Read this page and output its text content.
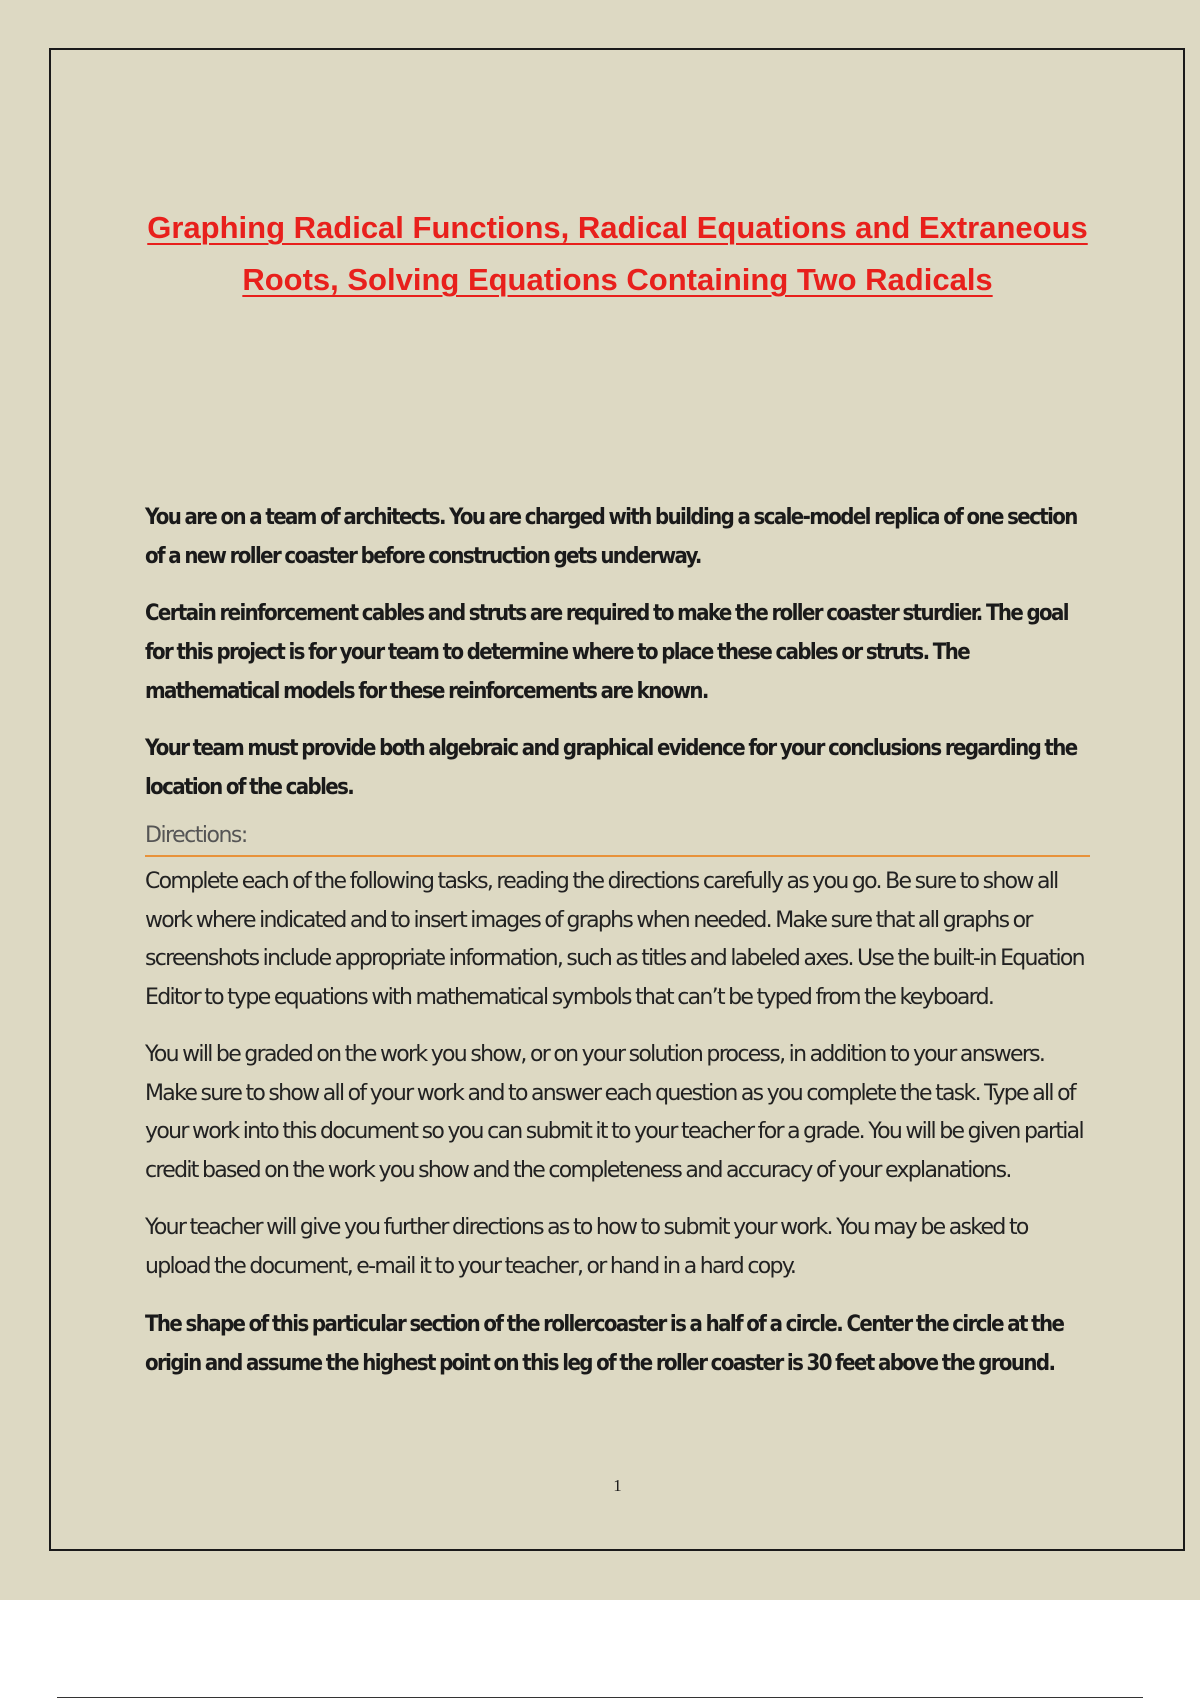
Graphing Radical Functions, Radical Equations and Extraneous Roots, Solving Equations Containing Two Radicals

You are on a team of architects. You are charged with building a scale-model replica of one section of a new roller coaster before construction gets underway.

Certain reinforcement cables and struts are required to make the roller coaster sturdier. The goal for this project is for your team to determine where to place these cables or struts. The mathematical models for these reinforcements are known.

Your team must provide both algebraic and graphical evidence for your conclusions regarding the location of the cables.

Directions:

Complete each of the following tasks, reading the directions carefully as you go. Be sure to show all work where indicated and to insert images of graphs when needed. Make sure that all graphs or screenshots include appropriate information, such as titles and labeled axes. Use the built-in Equation Editor to type equations with mathematical symbols that can’t be typed from the keyboard.

You will be graded on the work you show, or on your solution process, in addition to your answers. Make sure to show all of your work and to answer each question as you complete the task. Type all of your work into this document so you can submit it to your teacher for a grade. You will be given partial credit based on the work you show and the completeness and accuracy of your explanations.

Your teacher will give you further directions as to how to submit your work. You may be asked to upload the document, e-mail it to your teacher, or hand in a hard copy.

The shape of this particular section of the rollercoaster is a half of a circle. Center the circle at the origin and assume the highest point on this leg of the roller coaster is 30 feet above the ground.

1
